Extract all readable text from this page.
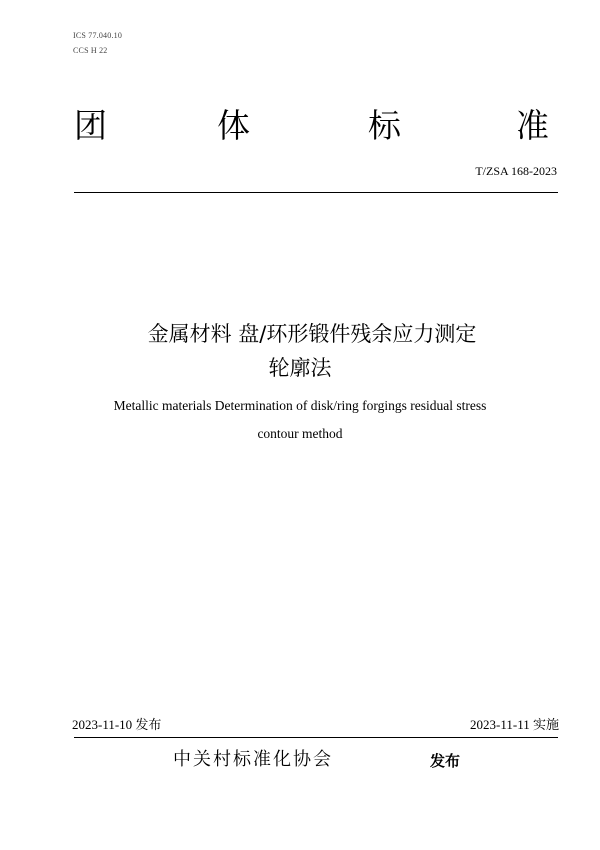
ICS 77.040.10
CCS H 22
团	体	标	准
T/ZSA 168-2023
金属材料 盘/环形锻件残余应力测定
轮廓法
Metallic materials Determination of disk/ring forgings residual stress
contour method
2023-11-10 发布	2023-11-11 实施
中关村标准化协会	发布
